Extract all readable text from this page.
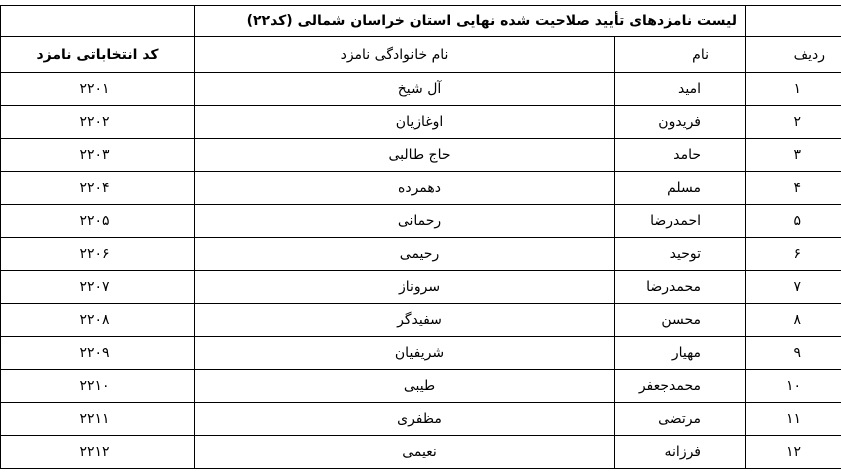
	لیست نامزدهای تأیید صلاحیت شده نهایی استان خراسان شمالی (کد۲۲)		
ردیف	نام	نام خانوادگی نامزد	کد انتخاباتی نامزد
۱	امید	آل شیخ	۲۲۰۱
۲	فریدون	اوغازیان	۲۲۰۲
۳	حامد	حاج طالبی	۲۲۰۳
۴	مسلم	دهمرده	۲۲۰۴
۵	احمدرضا	رحمانی	۲۲۰۵
۶	توحید	رحیمی	۲۲۰۶
۷	محمدرضا	سروناز	۲۲۰۷
۸	محسن	سفیدگر	۲۲۰۸
۹	مهیار	شریفیان	۲۲۰۹
۱۰	محمدجعفر	طیبی	۲۲۱۰
۱۱	مرتضی	مظفری	۲۲۱۱
۱۲	فرزانه	نعیمی	۲۲۱۲
